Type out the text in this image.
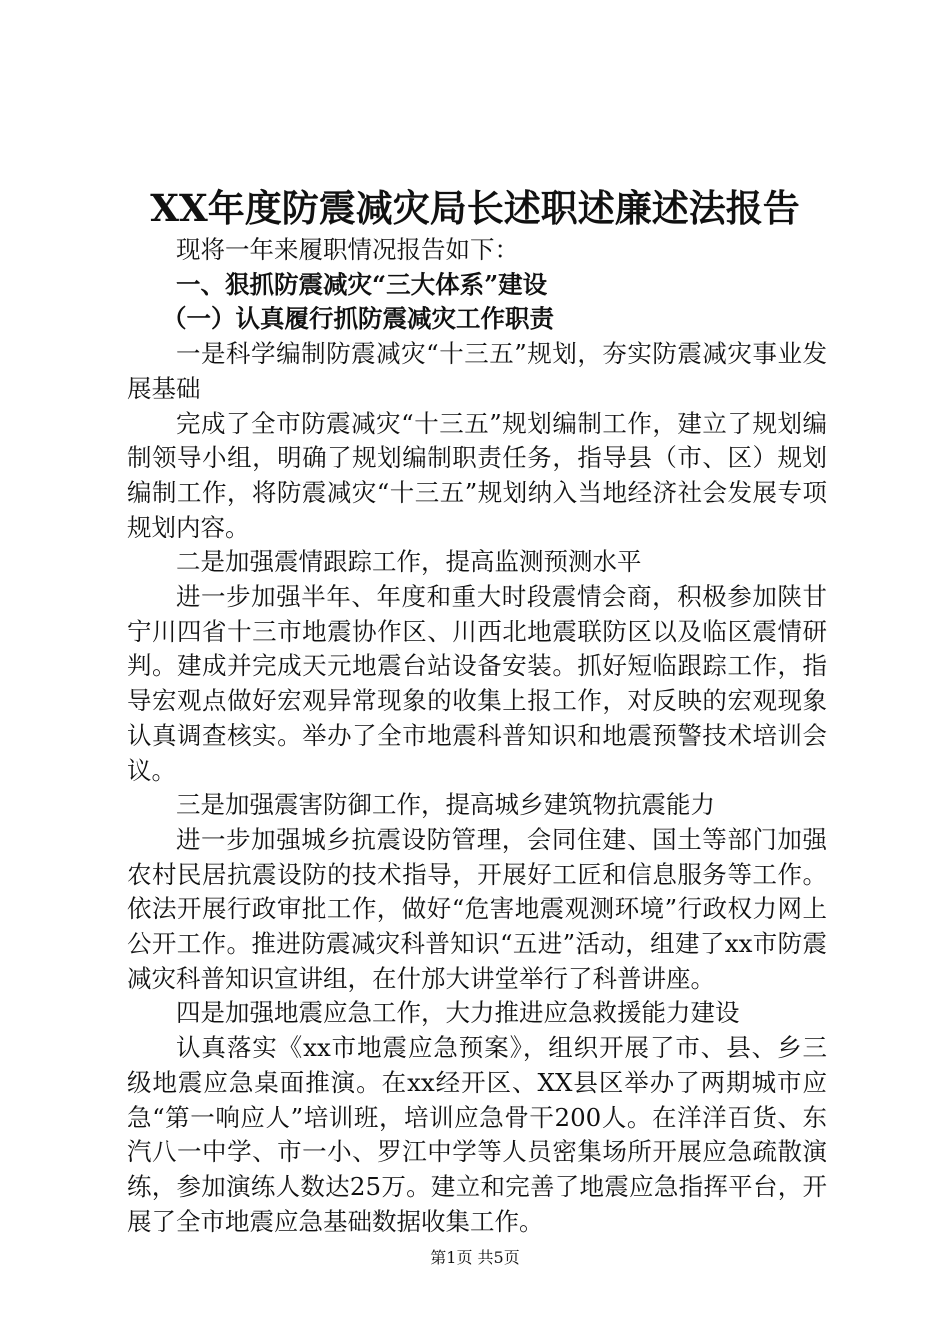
XX年度防震减灾局长述职述廉述法报告

现将一年来履职情况报告如下：

一、狠抓防震减灾“三大体系”建设

（一）认真履行抓防震减灾工作职责

一是科学编制防震减灾“十三五”规划，夯实防震减灾事业发展基础

完成了全市防震减灾“十三五”规划编制工作，建立了规划编制领导小组，明确了规划编制职责任务，指导县（市、区）规划编制工作，将防震减灾“十三五”规划纳入当地经济社会发展专项规划内容。

二是加强震情跟踪工作，提高监测预测水平

进一步加强半年、年度和重大时段震情会商，积极参加陕甘宁川四省十三市地震协作区、川西北地震联防区以及临区震情研判。建成并完成天元地震台站设备安装。抓好短临跟踪工作，指导宏观点做好宏观异常现象的收集上报工作，对反映的宏观现象认真调查核实。举办了全市地震科普知识和地震预警技术培训会议。

三是加强震害防御工作，提高城乡建筑物抗震能力

进一步加强城乡抗震设防管理，会同住建、国土等部门加强农村民居抗震设防的技术指导，开展好工匠和信息服务等工作。依法开展行政审批工作，做好“危害地震观测环境”行政权力网上公开工作。推进防震减灾科普知识“五进”活动，组建了xx市防震减灾科普知识宣讲组，在什邡大讲堂举行了科普讲座。

四是加强地震应急工作，大力推进应急救援能力建设

认真落实《xx市地震应急预案》，组织开展了市、县、乡三级地震应急桌面推演。在xx经开区、XX县区举办了两期城市应急“第一响应人”培训班，培训应急骨干200人。在洋洋百货、东汽八一中学、市一小、罗江中学等人员密集场所开展应急疏散演练，参加演练人数达25万。建立和完善了地震应急指挥平台，开展了全市地震应急基础数据收集工作。

第1页 共5页
